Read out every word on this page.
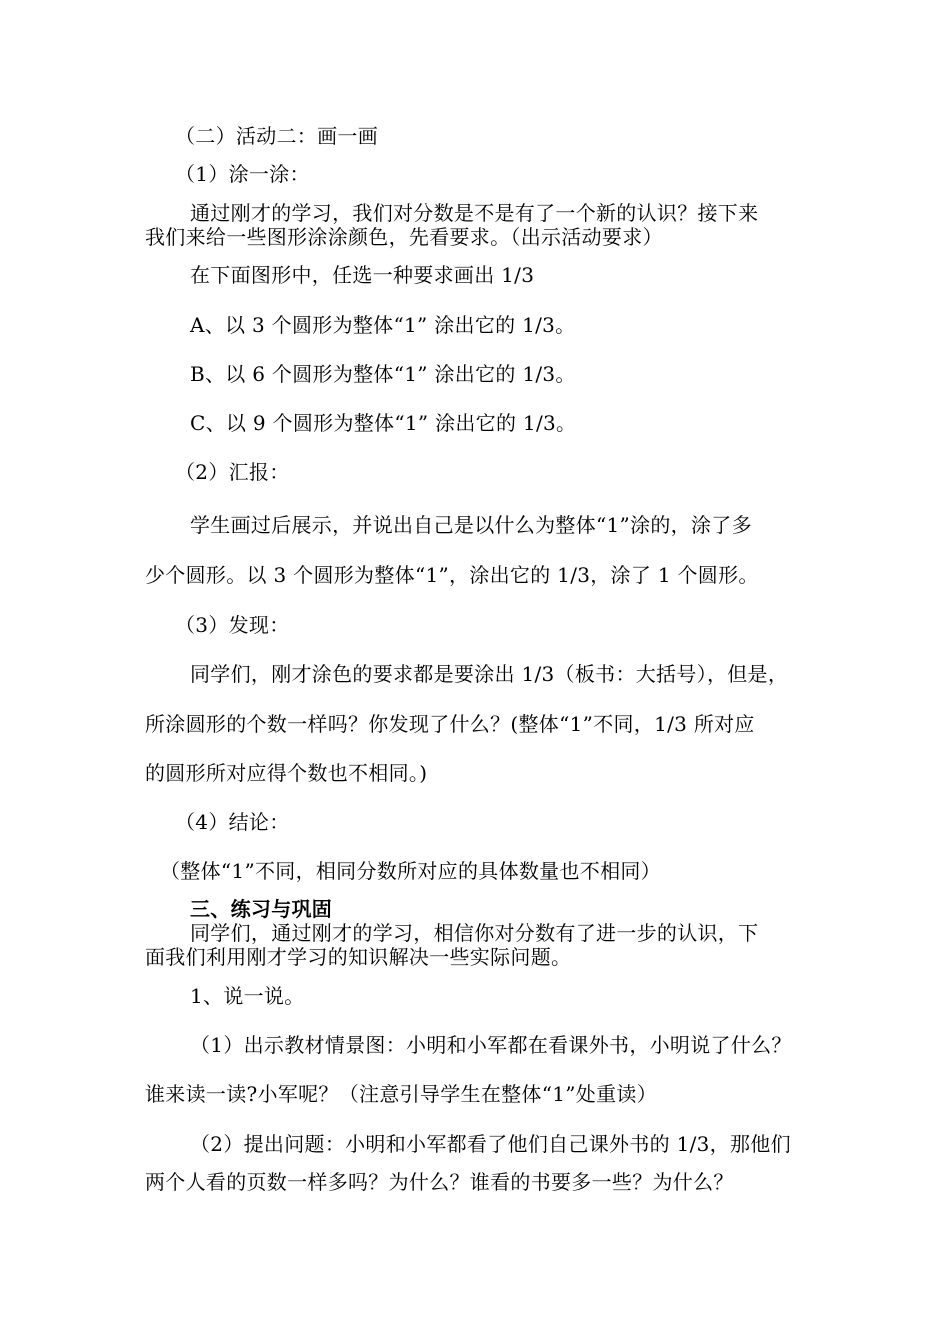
（二）活动二：画一画

（1）涂一涂：

通过刚才的学习，我们对分数是不是有了一个新的认识？接下来

我们来给一些图形涂涂颜色，先看要求。（出示活动要求）

在下面图形中，任选一种要求画出 1/3

A、以 3 个圆形为整体“1” 涂出它的 1/3。

B、以 6 个圆形为整体“1” 涂出它的 1/3。

C、以 9 个圆形为整体“1” 涂出它的 1/3。

（2）汇报：

学生画过后展示，并说出自己是以什么为整体“1”涂的，涂了多

少个圆形。以 3 个圆形为整体“1”，涂出它的 1/3，涂了 1 个圆形。

（3）发现：

同学们，刚才涂色的要求都是要涂出 1/3（板书：大括号），但是，

所涂圆形的个数一样吗？你发现了什么？(整体“1”不同，1/3 所对应

的圆形所对应得个数也不相同。)

（4）结论：

（整体“1”不同，相同分数所对应的具体数量也不相同）

三、练习与巩固

同学们，通过刚才的学习，相信你对分数有了进一步的认识，下

面我们利用刚才学习的知识解决一些实际问题。

1、说一说。

（1）出示教材情景图：小明和小军都在看课外书，小明说了什么？

谁来读一读?小军呢？（注意引导学生在整体“1”处重读）

（2）提出问题：小明和小军都看了他们自己课外书的 1/3，那他们

两个人看的页数一样多吗？为什么？谁看的书要多一些？为什么？
